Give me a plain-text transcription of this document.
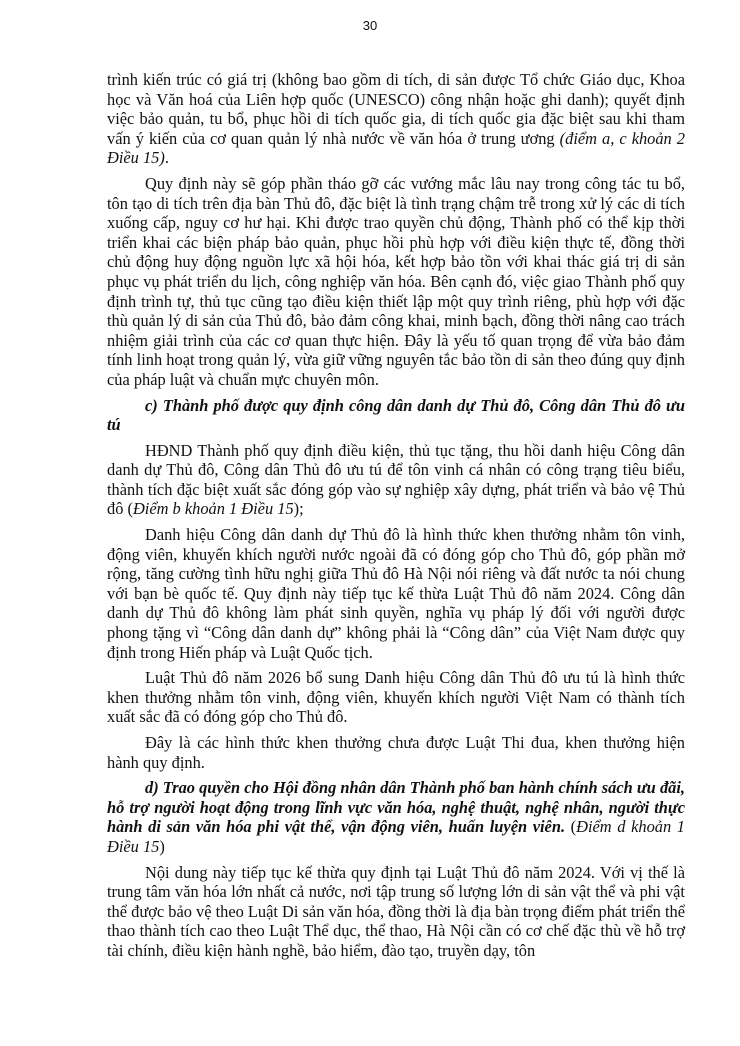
30

trình kiến trúc có giá trị (không bao gồm di tích, di sản được Tổ chức Giáo dục, Khoa học và Văn hoá của Liên hợp quốc (UNESCO) công nhận hoặc ghi danh); quyết định việc bảo quản, tu bổ, phục hồi di tích quốc gia, di tích quốc gia đặc biệt sau khi tham vấn ý kiến của cơ quan quản lý nhà nước về văn hóa ở trung ương (điểm a, c khoản 2 Điều 15).

Quy định này sẽ góp phần tháo gỡ các vướng mắc lâu nay trong công tác tu bổ, tôn tạo di tích trên địa bàn Thủ đô, đặc biệt là tình trạng chậm trễ trong xử lý các di tích xuống cấp, nguy cơ hư hại. Khi được trao quyền chủ động, Thành phố có thể kịp thời triển khai các biện pháp bảo quản, phục hồi phù hợp với điều kiện thực tế, đồng thời chủ động huy động nguồn lực xã hội hóa, kết hợp bảo tồn với khai thác giá trị di sản phục vụ phát triển du lịch, công nghiệp văn hóa. Bên cạnh đó, việc giao Thành phố quy định trình tự, thủ tục cũng tạo điều kiện thiết lập một quy trình riêng, phù hợp với đặc thù quản lý di sản của Thủ đô, bảo đảm công khai, minh bạch, đồng thời nâng cao trách nhiệm giải trình của các cơ quan thực hiện. Đây là yếu tố quan trọng để vừa bảo đảm tính linh hoạt trong quản lý, vừa giữ vững nguyên tắc bảo tồn di sản theo đúng quy định của pháp luật và chuẩn mực chuyên môn.

c) Thành phố được quy định công dân danh dự Thủ đô, Công dân Thủ đô ưu tú

HĐND Thành phố quy định điều kiện, thủ tục tặng, thu hồi danh hiệu Công dân danh dự Thủ đô, Công dân Thủ đô ưu tú để tôn vinh cá nhân có công trạng tiêu biểu, thành tích đặc biệt xuất sắc đóng góp vào sự nghiệp xây dựng, phát triển và bảo vệ Thủ đô (Điểm b khoản 1 Điều 15);

Danh hiệu Công dân danh dự Thủ đô là hình thức khen thưởng nhằm tôn vinh, động viên, khuyến khích người nước ngoài đã có đóng góp cho Thủ đô, góp phần mở rộng, tăng cường tình hữu nghị giữa Thủ đô Hà Nội nói riêng và đất nước ta nói chung với bạn bè quốc tế. Quy định này tiếp tục kế thừa Luật Thủ đô năm 2024. Công dân danh dự Thủ đô không làm phát sinh quyền, nghĩa vụ pháp lý đối với người được phong tặng vì “Công dân danh dự” không phải là “Công dân” của Việt Nam được quy định trong Hiến pháp và Luật Quốc tịch.

Luật Thủ đô năm 2026 bổ sung Danh hiệu Công dân Thủ đô ưu tú là hình thức khen thưởng nhằm tôn vinh, động viên, khuyến khích người Việt Nam có thành tích xuất sắc đã có đóng góp cho Thủ đô.

Đây là các hình thức khen thưởng chưa được Luật Thi đua, khen thưởng hiện hành quy định.

d) Trao quyền cho Hội đồng nhân dân Thành phố ban hành chính sách ưu đãi, hỗ trợ người hoạt động trong lĩnh vực văn hóa, nghệ thuật, nghệ nhân, người thực hành di sản văn hóa phi vật thể, vận động viên, huấn luyện viên. (Điểm d khoản 1 Điều 15)

Nội dung này tiếp tục kế thừa quy định tại Luật Thủ đô năm 2024. Với vị thế là trung tâm văn hóa lớn nhất cả nước, nơi tập trung số lượng lớn di sản vật thể và phi vật thể được bảo vệ theo Luật Di sản văn hóa, đồng thời là địa bàn trọng điểm phát triển thể thao thành tích cao theo Luật Thể dục, thể thao, Hà Nội cần có cơ chế đặc thù về hỗ trợ tài chính, điều kiện hành nghề, bảo hiểm, đào tạo, truyền dạy, tôn
